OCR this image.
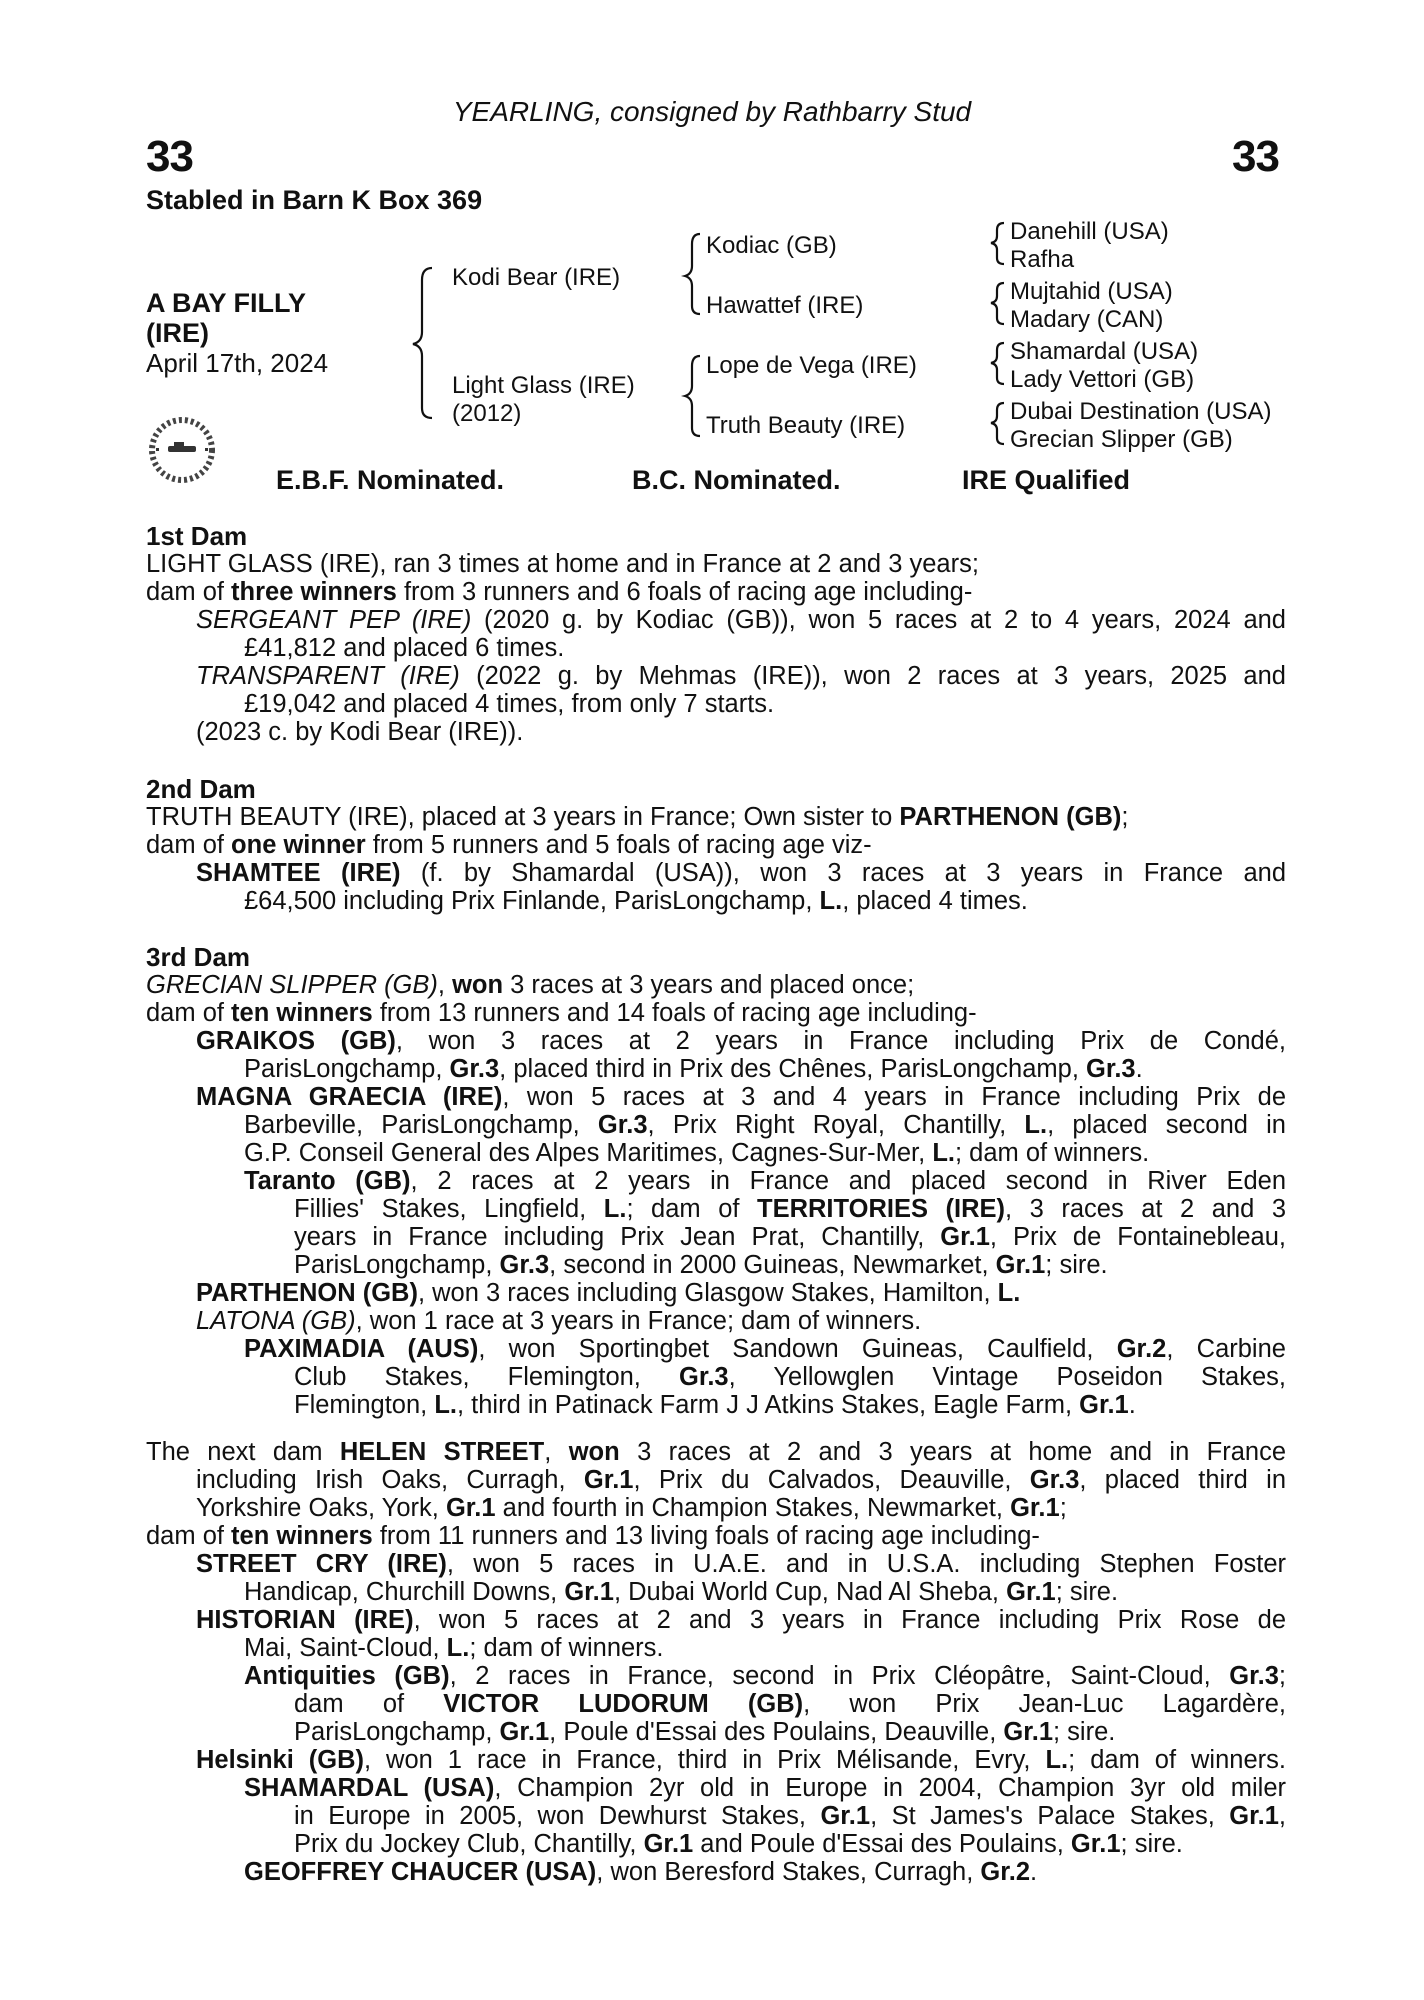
YEARLING, consigned by Rathbarry Stud
33	33
Stabled in Barn K Box 369
A BAY FILLY
(IRE)
April 17th, 2024
Kodi Bear (IRE)
Light Glass (IRE)
(2012)
Kodiac (GB)
Hawattef (IRE)
Lope de Vega (IRE)
Truth Beauty (IRE)
Danehill (USA)
Rafha
Mujtahid (USA)
Madary (CAN)
Shamardal (USA)
Lady Vettori (GB)
Dubai Destination (USA)
Grecian Slipper (GB)
E.B.F. Nominated.	B.C. Nominated.	IRE Qualified
1st Dam
LIGHT GLASS (IRE), ran 3 times at home and in France at 2 and 3 years;
dam of three winners from 3 runners and 6 foals of racing age including-
SERGEANT PEP (IRE) (2020 g. by Kodiac (GB)), won 5 races at 2 to 4 years, 2024 and
£41,812 and placed 6 times.
TRANSPARENT (IRE) (2022 g. by Mehmas (IRE)), won 2 races at 3 years, 2025 and
£19,042 and placed 4 times, from only 7 starts.
(2023 c. by Kodi Bear (IRE)).
2nd Dam
TRUTH BEAUTY (IRE), placed at 3 years in France; Own sister to PARTHENON (GB);
dam of one winner from 5 runners and 5 foals of racing age viz-
SHAMTEE (IRE) (f. by Shamardal (USA)), won 3 races at 3 years in France and
£64,500 including Prix Finlande, ParisLongchamp, L., placed 4 times.
3rd Dam
GRECIAN SLIPPER (GB), won 3 races at 3 years and placed once;
dam of ten winners from 13 runners and 14 foals of racing age including-
GRAIKOS (GB), won 3 races at 2 years in France including Prix de Condé,
ParisLongchamp, Gr.3, placed third in Prix des Chênes, ParisLongchamp, Gr.3.
MAGNA GRAECIA (IRE), won 5 races at 3 and 4 years in France including Prix de
Barbeville, ParisLongchamp, Gr.3, Prix Right Royal, Chantilly, L., placed second in
G.P. Conseil General des Alpes Maritimes, Cagnes-Sur-Mer, L.; dam of winners.
Taranto (GB), 2 races at 2 years in France and placed second in River Eden
Fillies' Stakes, Lingfield, L.; dam of TERRITORIES (IRE), 3 races at 2 and 3
years in France including Prix Jean Prat, Chantilly, Gr.1, Prix de Fontainebleau,
ParisLongchamp, Gr.3, second in 2000 Guineas, Newmarket, Gr.1; sire.
PARTHENON (GB), won 3 races including Glasgow Stakes, Hamilton, L.
LATONA (GB), won 1 race at 3 years in France; dam of winners.
PAXIMADIA (AUS), won Sportingbet Sandown Guineas, Caulfield, Gr.2, Carbine
Club Stakes, Flemington, Gr.3, Yellowglen Vintage Poseidon Stakes,
Flemington, L., third in Patinack Farm J J Atkins Stakes, Eagle Farm, Gr.1.
The next dam HELEN STREET, won 3 races at 2 and 3 years at home and in France
including Irish Oaks, Curragh, Gr.1, Prix du Calvados, Deauville, Gr.3, placed third in
Yorkshire Oaks, York, Gr.1 and fourth in Champion Stakes, Newmarket, Gr.1;
dam of ten winners from 11 runners and 13 living foals of racing age including-
STREET CRY (IRE), won 5 races in U.A.E. and in U.S.A. including Stephen Foster
Handicap, Churchill Downs, Gr.1, Dubai World Cup, Nad Al Sheba, Gr.1; sire.
HISTORIAN (IRE), won 5 races at 2 and 3 years in France including Prix Rose de
Mai, Saint-Cloud, L.; dam of winners.
Antiquities (GB), 2 races in France, second in Prix Cléopâtre, Saint-Cloud, Gr.3;
dam of VICTOR LUDORUM (GB), won Prix Jean-Luc Lagardère,
ParisLongchamp, Gr.1, Poule d'Essai des Poulains, Deauville, Gr.1; sire.
Helsinki (GB), won 1 race in France, third in Prix Mélisande, Evry, L.; dam of winners.
SHAMARDAL (USA), Champion 2yr old in Europe in 2004, Champion 3yr old miler
in Europe in 2005, won Dewhurst Stakes, Gr.1, St James's Palace Stakes, Gr.1,
Prix du Jockey Club, Chantilly, Gr.1 and Poule d'Essai des Poulains, Gr.1; sire.
GEOFFREY CHAUCER (USA), won Beresford Stakes, Curragh, Gr.2.
